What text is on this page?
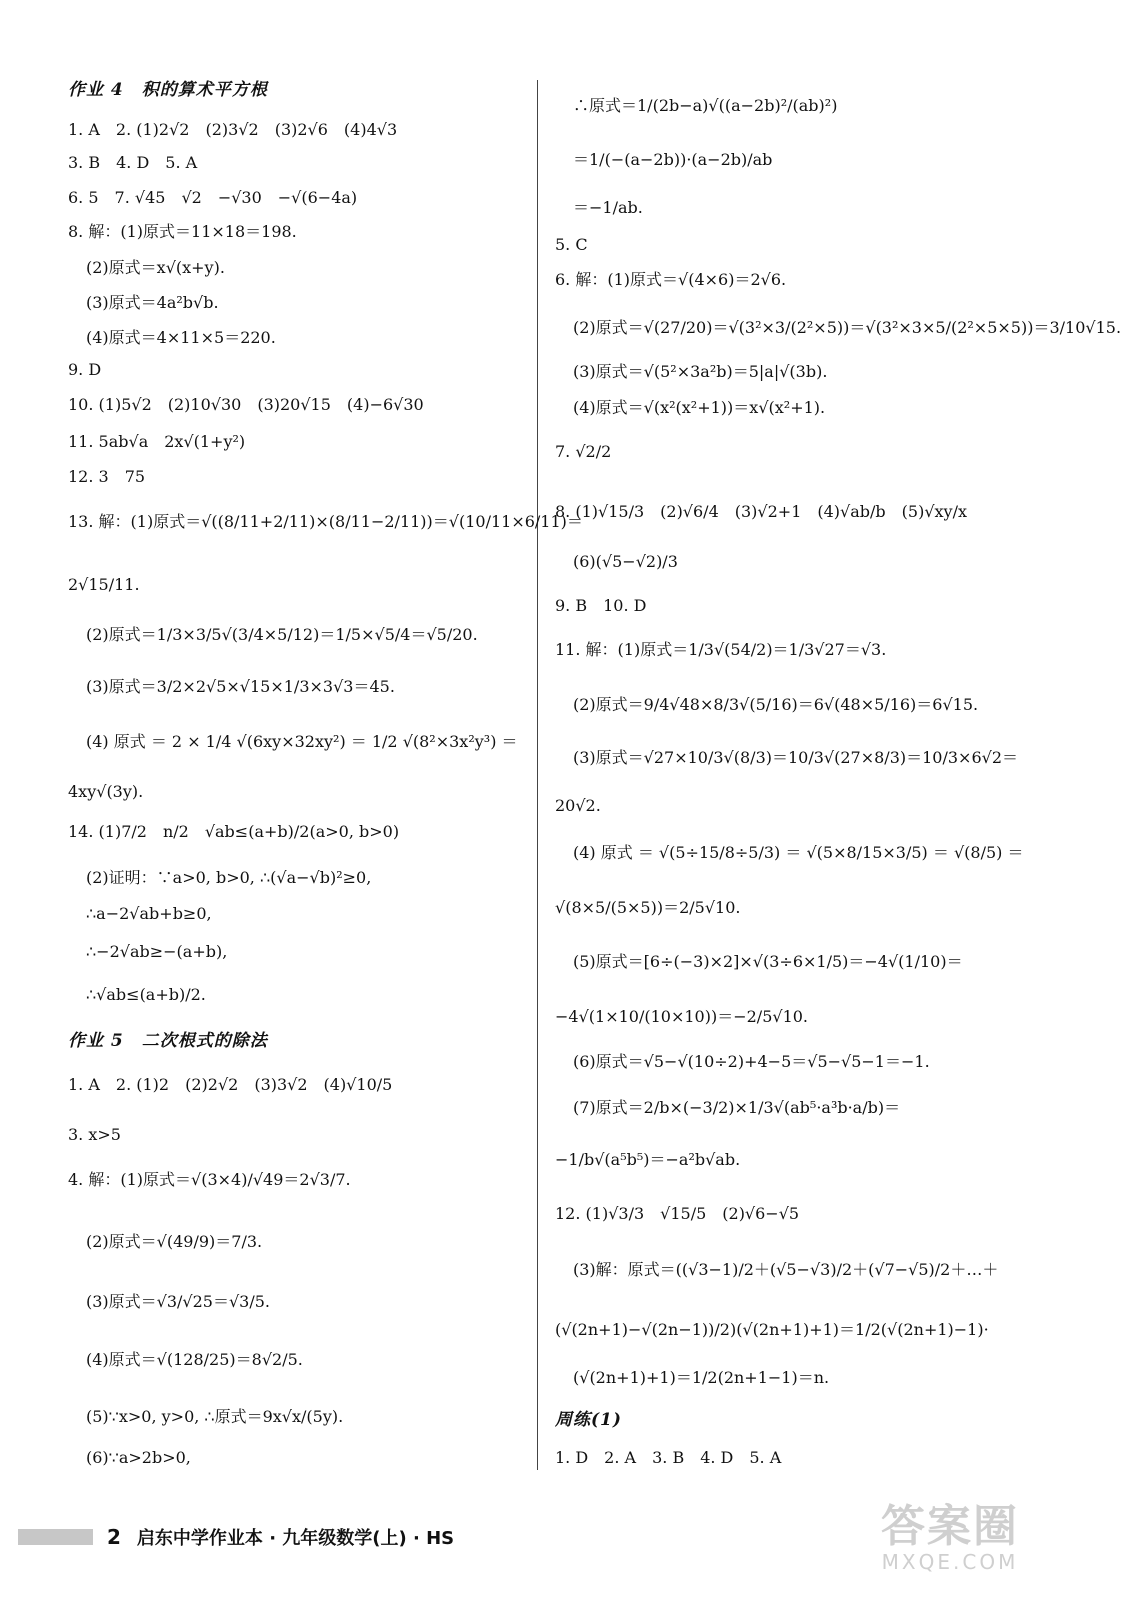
作业 4　积的算术平方根
1. A　2. (1)2√2　(2)3√2　(3)2√6　(4)4√3
3. B　4. D　5. A
6. 5　7. √45　√2　−√30　−√(6−4a)
8. 解：(1)原式＝11×18＝198.
(2)原式＝x√(x+y).
(3)原式＝4a²b√b.
(4)原式＝4×11×5＝220.
9. D
10. (1)5√2　(2)10√30　(3)20√15　(4)−6√30
11. 5ab√a　2x√(1+y²)
12. 3　75
13. 解：(1)原式＝√((8/11+2/11)×(8/11−2/11))＝√(10/11×6/11)＝
2√15/11.
(2)原式＝1/3×3/5√(3/4×5/12)＝1/5×√5/4＝√5/20.
(3)原式＝3/2×2√5×√15×1/3×3√3＝45.
(4) 原式 ＝ 2 × 1/4 √(6xy×32xy²) ＝ 1/2 √(8²×3x²y³) ＝
4xy√(3y).
14. (1)7/2　n/2　√ab≤(a+b)/2(a>0, b>0)
(2)证明：∵a>0, b>0, ∴(√a−√b)²≥0,
∴a−2√ab+b≥0,
∴−2√ab≥−(a+b),
∴√ab≤(a+b)/2.
作业 5　二次根式的除法
1. A　2. (1)2　(2)2√2　(3)3√2　(4)√10/5
3. x>5
4. 解：(1)原式＝√(3×4)/√49＝2√3/7.
(2)原式＝√(49/9)＝7/3.
(3)原式＝√3/√25＝√3/5.
(4)原式＝√(128/25)＝8√2/5.
(5)∵x>0, y>0, ∴原式＝9x√x/(5y).
(6)∵a>2b>0,
∴原式＝1/(2b−a)√((a−2b)²/(ab)²)
＝1/(−(a−2b))·(a−2b)/ab
＝−1/ab.
5. C
6. 解：(1)原式＝√(4×6)＝2√6.
(2)原式＝√(27/20)＝√(3²×3/(2²×5))＝√(3²×3×5/(2²×5×5))＝3/10√15.
(3)原式＝√(5²×3a²b)＝5|a|√(3b).
(4)原式＝√(x²(x²+1))＝x√(x²+1).
7. √2/2
8. (1)√15/3　(2)√6/4　(3)√2+1　(4)√ab/b　(5)√xy/x
(6)(√5−√2)/3
9. B　10. D
11. 解：(1)原式＝1/3√(54/2)＝1/3√27＝√3.
(2)原式＝9/4√48×8/3√(5/16)＝6√(48×5/16)＝6√15.
(3)原式＝√27×10/3√(8/3)＝10/3√(27×8/3)＝10/3×6√2＝
20√2.
(4) 原式 ＝ √(5÷15/8÷5/3) ＝ √(5×8/15×3/5) ＝ √(8/5) ＝
√(8×5/(5×5))＝2/5√10.
(5)原式＝[6÷(−3)×2]×√(3÷6×1/5)＝−4√(1/10)＝
−4√(1×10/(10×10))＝−2/5√10.
(6)原式＝√5−√(10÷2)+4−5＝√5−√5−1＝−1.
(7)原式＝2/b×(−3/2)×1/3√(ab⁵·a³b·a/b)＝
−1/b√(a⁵b⁵)＝−a²b√ab.
12. (1)√3/3　√15/5　(2)√6−√5
(3)解：原式＝((√3−1)/2＋(√5−√3)/2＋(√7−√5)/2＋…＋
(√(2n+1)−√(2n−1))/2)(√(2n+1)+1)＝1/2(√(2n+1)−1)·
(√(2n+1)+1)＝1/2(2n+1−1)＝n.
周练(1)
1. D　2. A　3. B　4. D　5. A
2 启东中学作业本 · 九年级数学(上) · HS	答案圈
MXQE.COM
